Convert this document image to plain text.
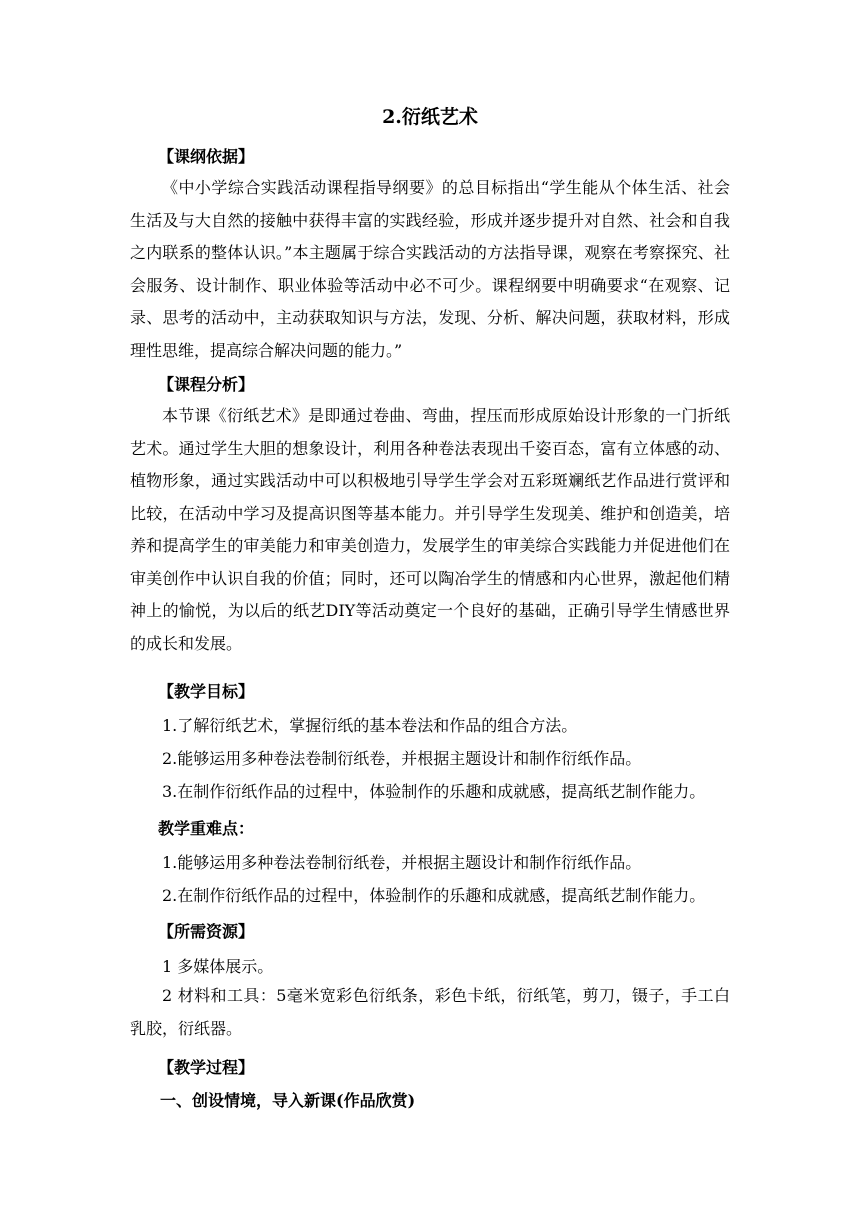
2.衍纸艺术
【课纲依据】

《中小学综合实践活动课程指导纲要》的总目标指出“学生能从个体生活、社会生活及与大自然的接触中获得丰富的实践经验，形成并逐步提升对自然、社会和自我之内联系的整体认识。”本主题属于综合实践活动的方法指导课，观察在考察探究、社会服务、设计制作、职业体验等活动中必不可少。课程纲要中明确要求“在观察、记录、思考的活动中，主动获取知识与方法，发现、分析、解决问题，获取材料，形成理性思维，提高综合解决问题的能力。”

【课程分析】

本节课《衍纸艺术》是即通过卷曲、弯曲，捏压而形成原始设计形象的一门折纸艺术。通过学生大胆的想象设计，利用各种卷法表现出千姿百态，富有立体感的动、植物形象，通过实践活动中可以积极地引导学生学会对五彩斑斓纸艺作品进行赏评和比较，在活动中学习及提高识图等基本能力。并引导学生发现美、维护和创造美，培养和提高学生的审美能力和审美创造力，发展学生的审美综合实践能力并促进他们在审美创作中认识自我的价值；同时，还可以陶冶学生的情感和内心世界，激起他们精神上的愉悦，为以后的纸艺DIY等活动奠定一个良好的基础，正确引导学生情感世界的成长和发展。

【教学目标】
1.了解衍纸艺术，掌握衍纸的基本卷法和作品的组合方法。
2.能够运用多种卷法卷制衍纸卷，并根据主题设计和制作衍纸作品。
3.在制作衍纸作品的过程中，体验制作的乐趣和成就感，提高纸艺制作能力。
教学重难点：
1.能够运用多种卷法卷制衍纸卷，并根据主题设计和制作衍纸作品。
2.在制作衍纸作品的过程中，体验制作的乐趣和成就感，提高纸艺制作能力。
【所需资源】
1 多媒体展示。

2 材料和工具：5毫米宽彩色衍纸条，彩色卡纸，衍纸笔，剪刀，镊子，手工白乳胶，衍纸器。

【教学过程】
一、创设情境，导入新课(作品欣赏)
